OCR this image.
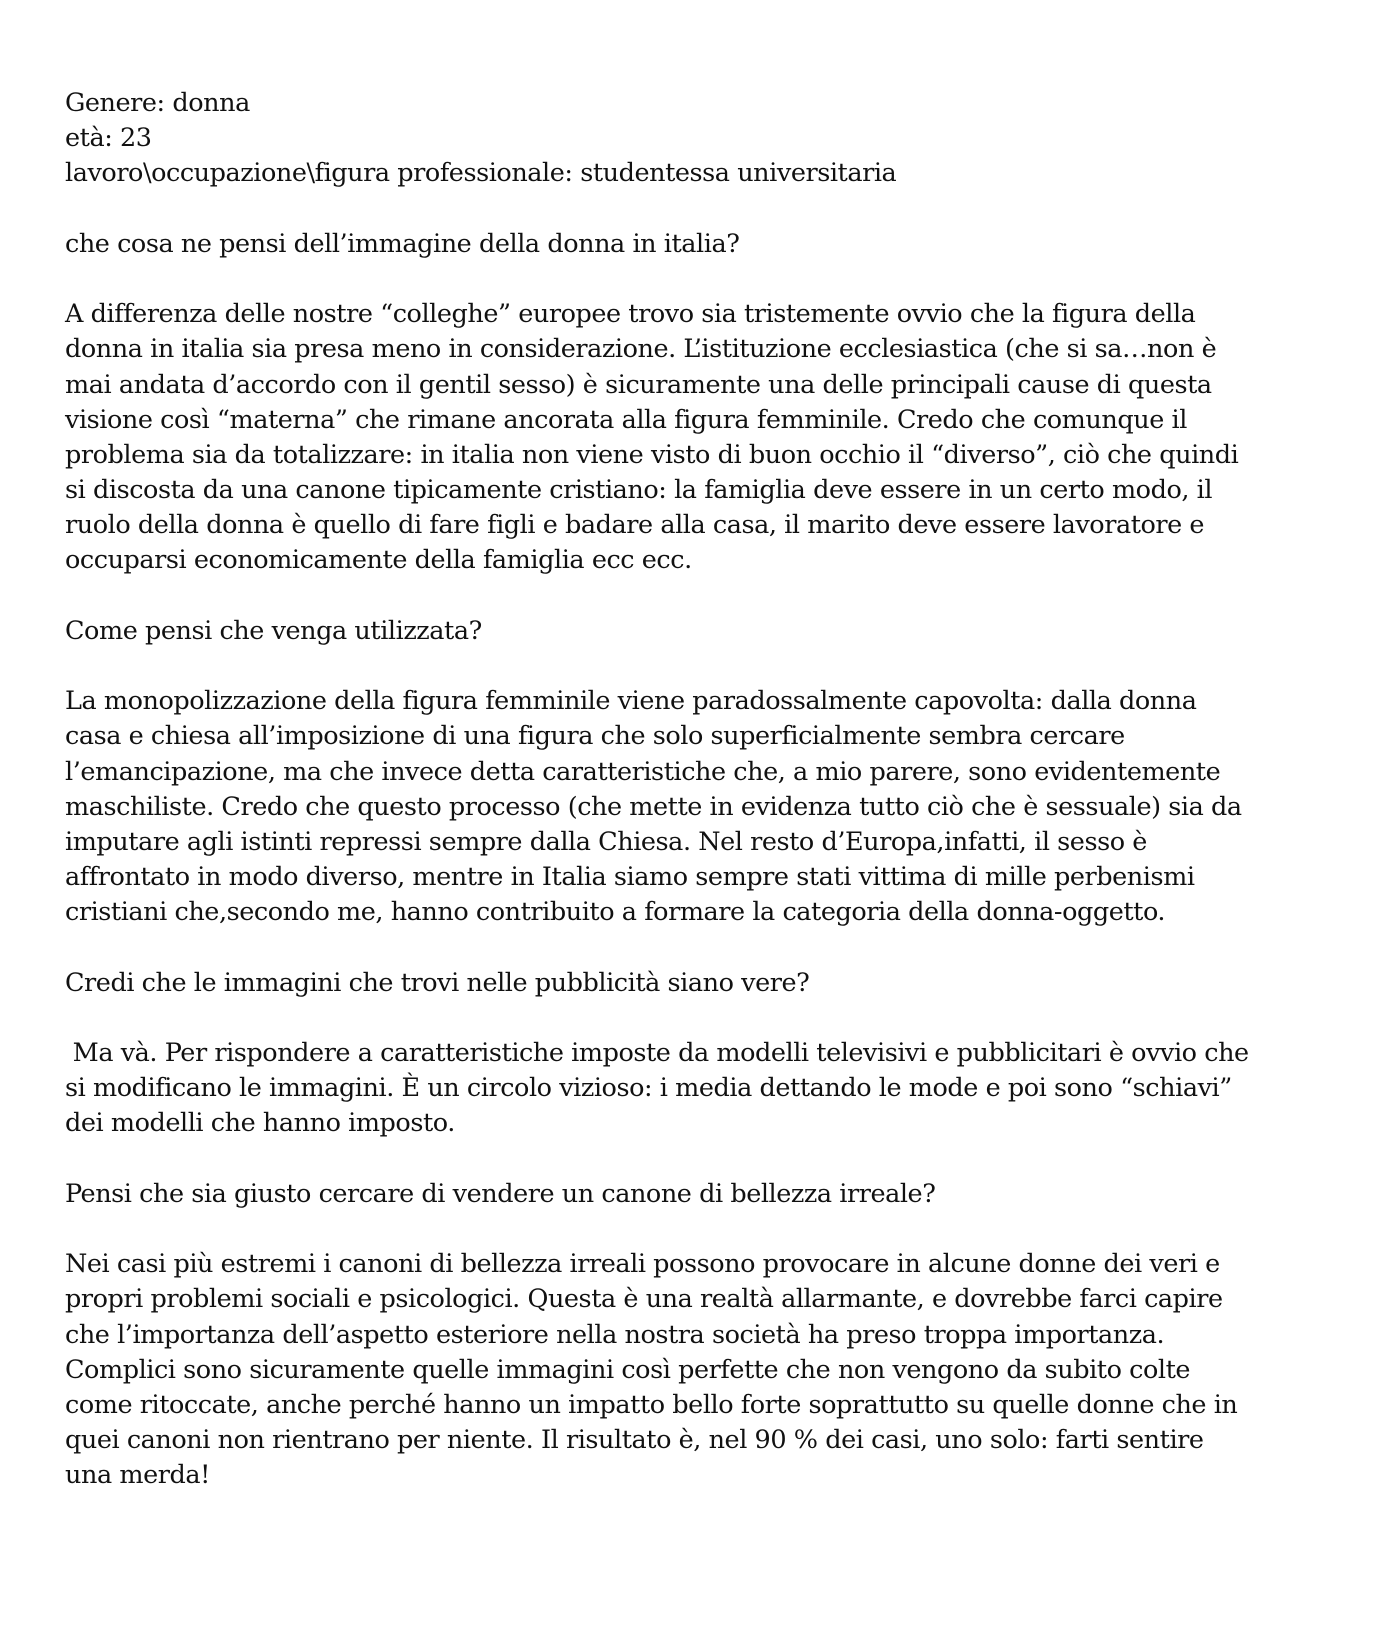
Genere: donna
età: 23
lavoro\occupazione\figura professionale: studentessa universitaria
che cosa ne pensi dell’immagine della donna in italia?
A differenza delle nostre “colleghe” europee trovo sia tristemente ovvio che la figura della
donna in italia sia presa meno in considerazione. L’istituzione ecclesiastica (che si sa…non è
mai andata d’accordo con il gentil sesso) è sicuramente una delle principali cause di questa
visione così “materna” che rimane ancorata alla figura femminile. Credo che comunque il
problema sia da totalizzare: in italia non viene visto di buon occhio il “diverso”, ciò che quindi
si discosta da una canone tipicamente cristiano: la famiglia deve essere in un certo modo, il
ruolo della donna è quello di fare figli e badare alla casa, il marito deve essere lavoratore e
occuparsi economicamente della famiglia ecc ecc.
Come pensi che venga utilizzata?
La monopolizzazione della figura femminile viene paradossalmente capovolta: dalla donna
casa e chiesa all’imposizione di una figura che solo superficialmente sembra cercare
l’emancipazione, ma che invece detta caratteristiche che, a mio parere, sono evidentemente
maschiliste. Credo che questo processo (che mette in evidenza tutto ciò che è sessuale) sia da
imputare agli istinti repressi sempre dalla Chiesa. Nel resto d’Europa,infatti, il sesso è
affrontato in modo diverso, mentre in Italia siamo sempre stati vittima di mille perbenismi
cristiani che,secondo me, hanno contribuito a formare la categoria della donna-oggetto.
Credi che le immagini che trovi nelle pubblicità siano vere?
Ma và. Per rispondere a caratteristiche imposte da modelli televisivi e pubblicitari è ovvio che
si modificano le immagini. È un circolo vizioso: i media dettando le mode e poi sono “schiavi”
dei modelli che hanno imposto.
Pensi che sia giusto cercare di vendere un canone di bellezza irreale?
Nei casi più estremi i canoni di bellezza irreali possono provocare in alcune donne dei veri e
propri problemi sociali e psicologici. Questa è una realtà allarmante, e dovrebbe farci capire
che l’importanza dell’aspetto esteriore nella nostra società ha preso troppa importanza.
Complici sono sicuramente quelle immagini così perfette che non vengono da subito colte
come ritoccate, anche perché hanno un impatto bello forte soprattutto su quelle donne che in
quei canoni non rientrano per niente. Il risultato è, nel 90 % dei casi, uno solo: farti sentire
una merda!
